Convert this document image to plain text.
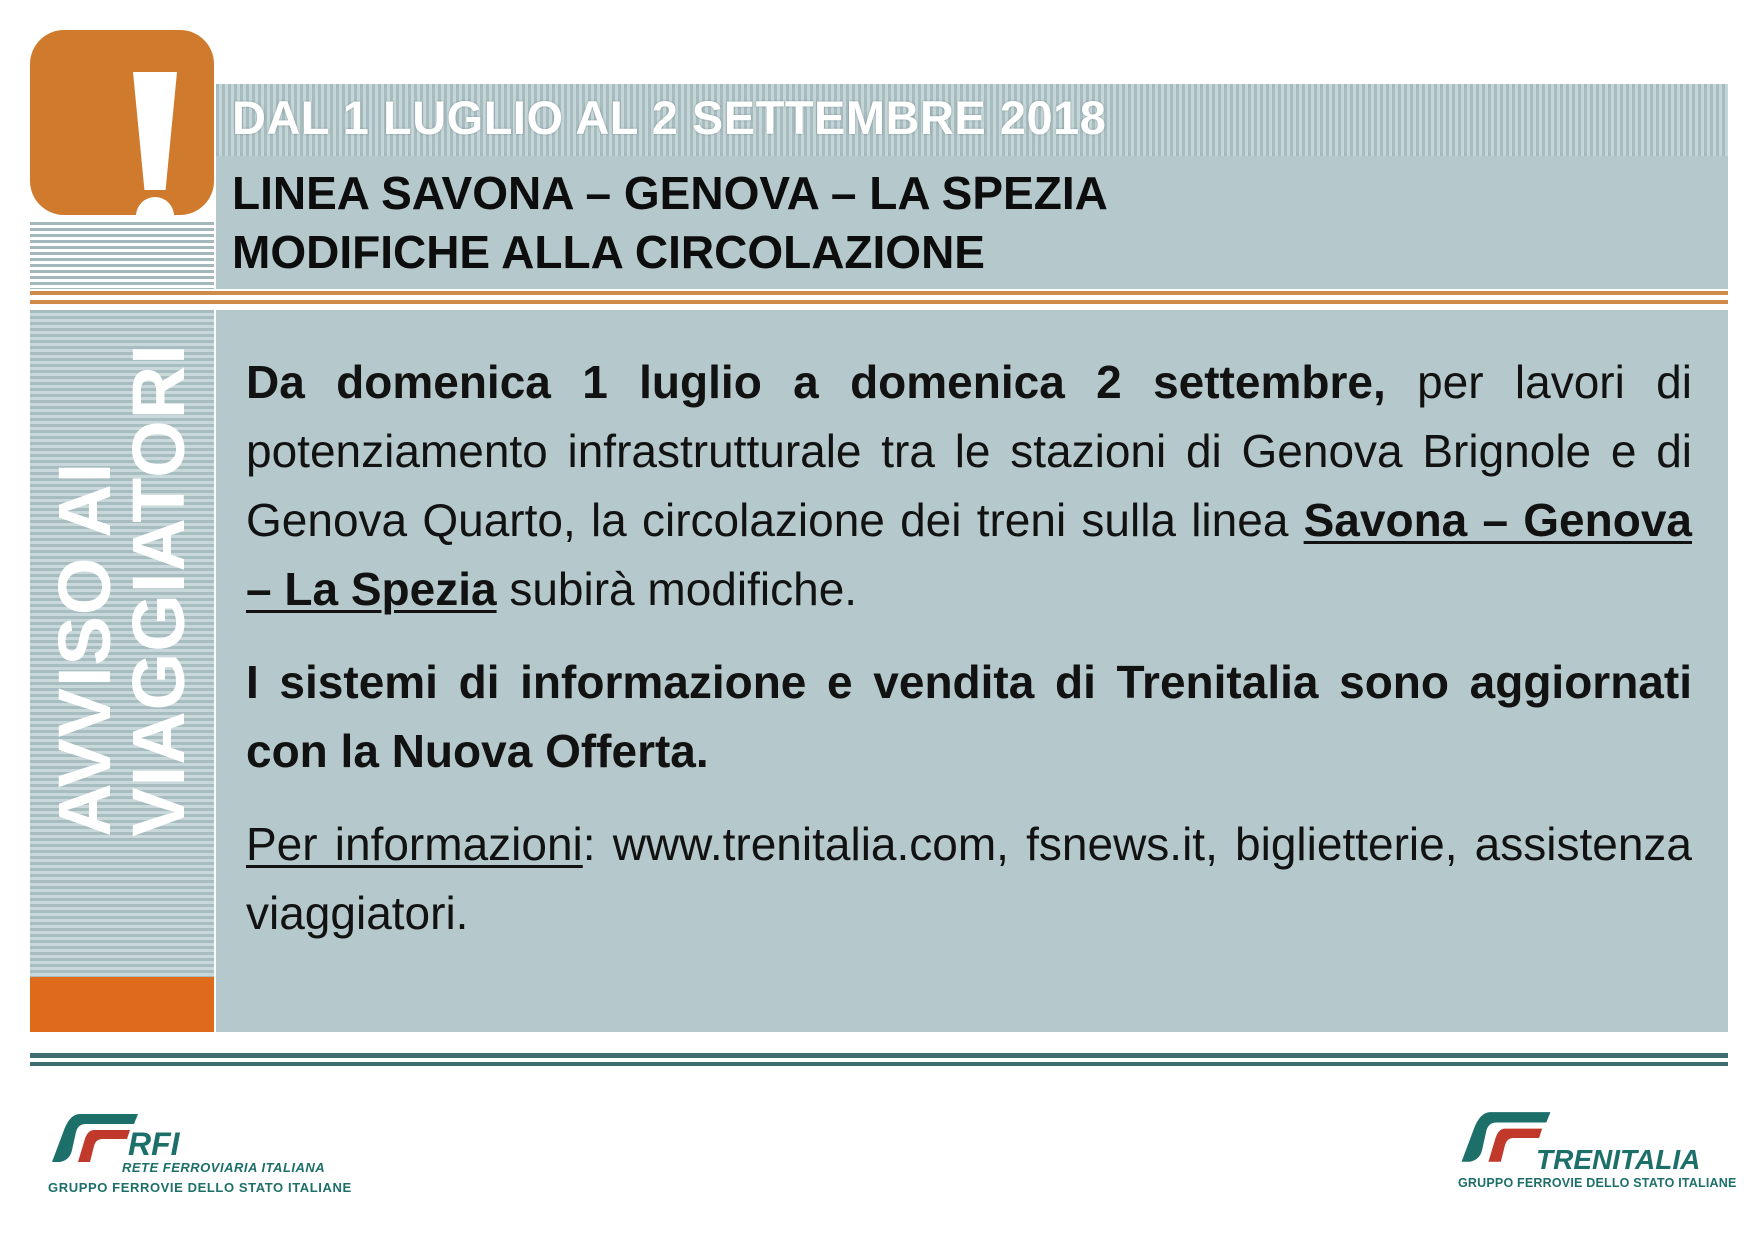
DAL 1 LUGLIO AL 2 SETTEMBRE 2018
LINEA SAVONA – GENOVA – LA SPEZIA
MODIFICHE ALLA CIRCOLAZIONE
AVVISO AI
VIAGGIATORI Da domenica 1 luglio a domenica 2 settembre, per lavori di potenziamento infrastrutturale tra le stazioni di Genova Brignole e di Genova Quarto, la circolazione dei treni sulla linea Savona – Genova – La Spezia subirà modifiche.

I sistemi di informazione e vendita di Trenitalia sono aggiornati con la Nuova Offerta.

Per informazioni: www.trenitalia.com, fsnews.it, biglietterie, assistenza viaggiatori.

RFI
RETE FERROVIARIA ITALIANA
GRUPPO FERROVIE DELLO STATO ITALIANE
TRENITALIA
GRUPPO FERROVIE DELLO STATO ITALIANE
